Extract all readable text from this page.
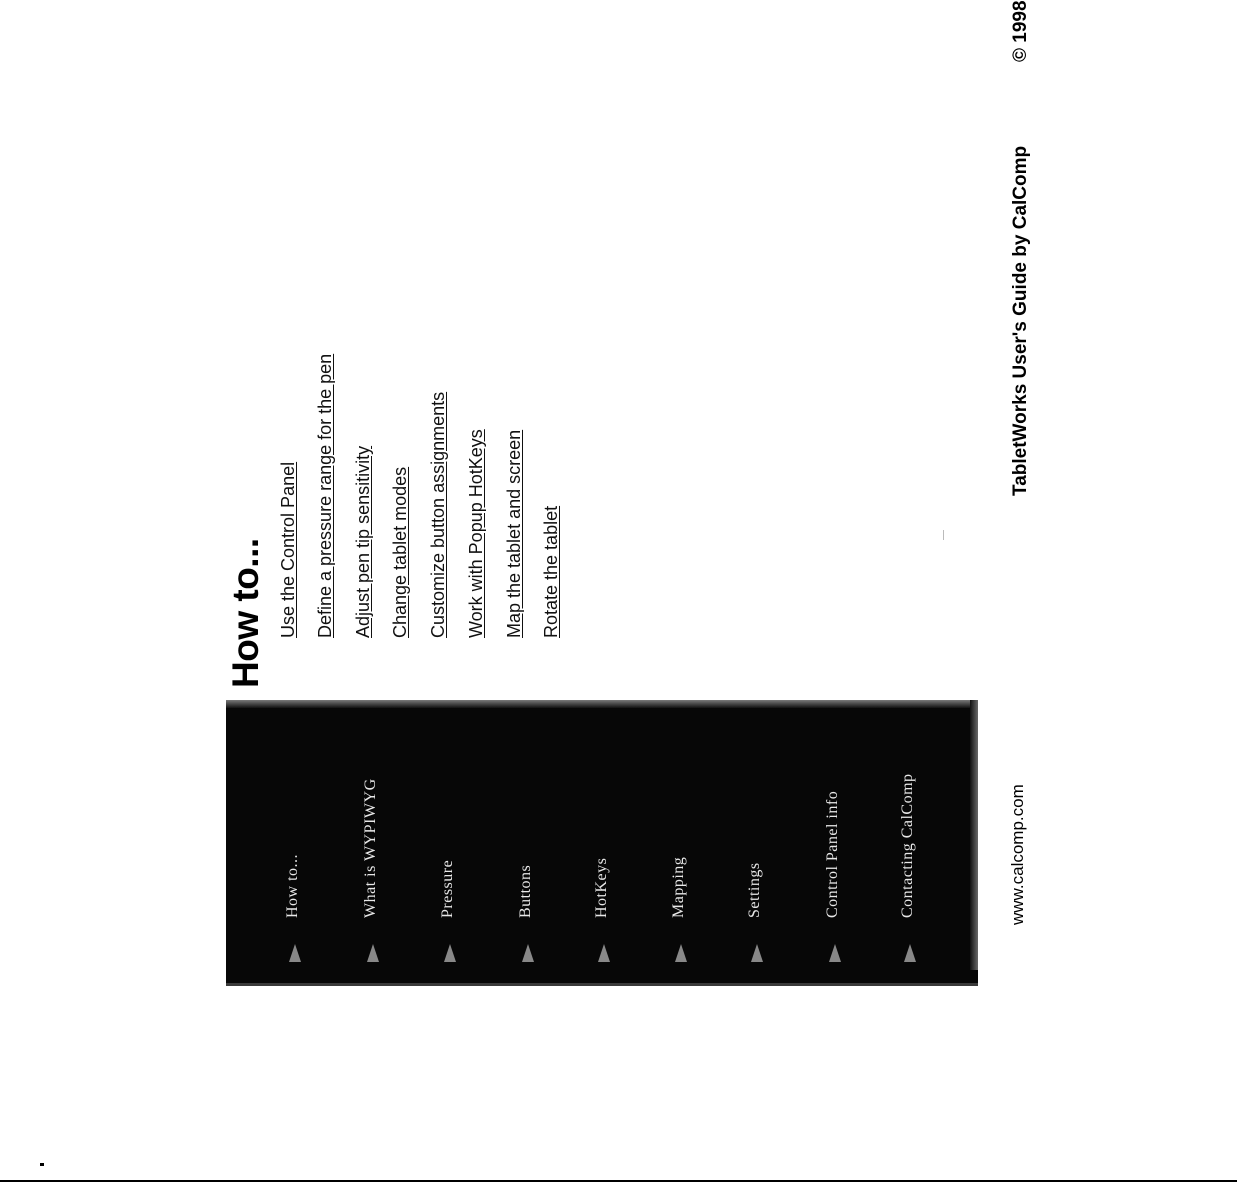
© 1998
TabletWorks User's Guide by CalComp
www.calcomp.com
How to... Use the Control Panel Define a pressure range for the pen Adjust pen tip sensitivity Change tablet modes Customize button assignments Work with Popup HotKeys Map the tablet and screen Rotate the tablet
How to...	What is WYPIWYG	Pressure	Buttons	HotKeys	Mapping	Settings	Control Panel info	Contacting CalComp
